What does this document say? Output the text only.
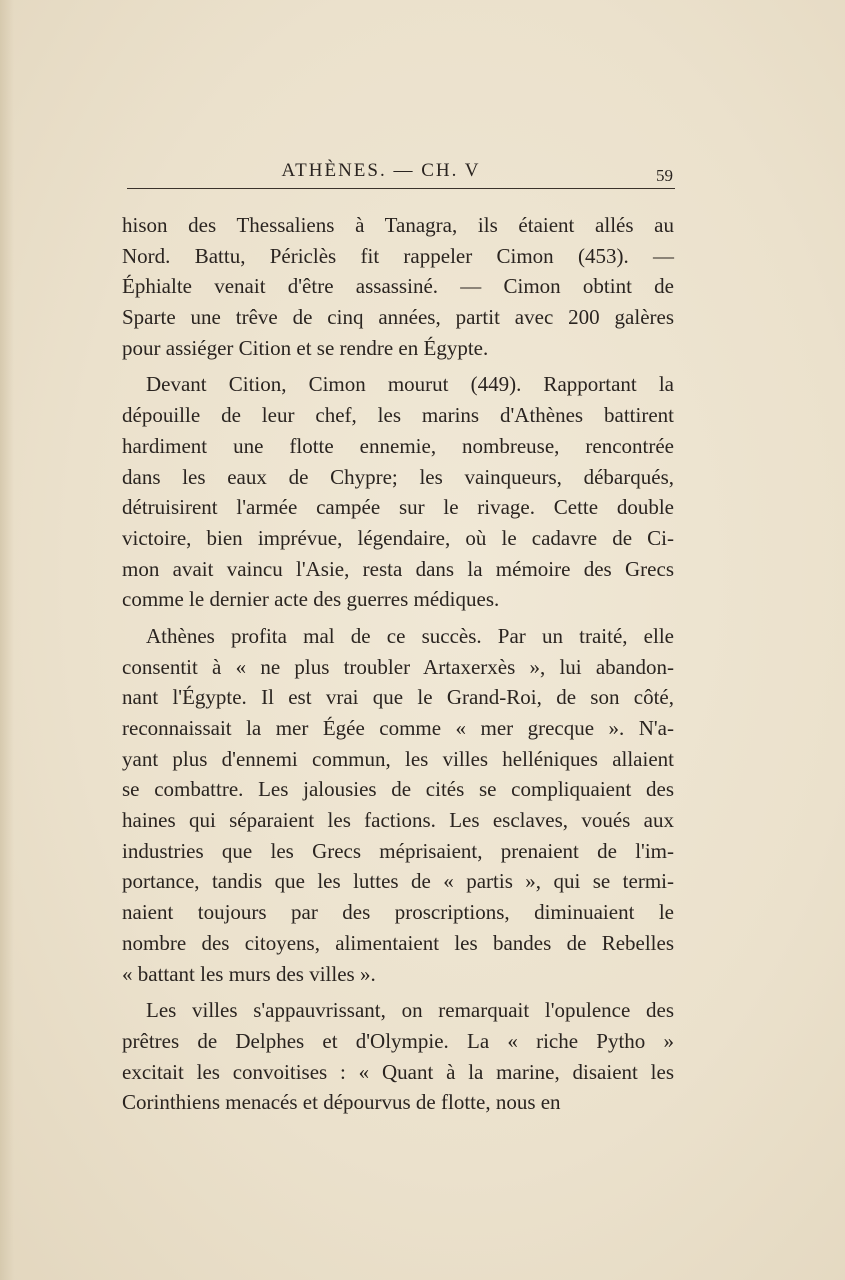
ATHÈNES. — CH. V	59
hison des Thessaliens à Tanagra, ils étaient allés au
Nord. Battu, Périclès fit rappeler Cimon (453). —
Éphialte venait d'être assassiné. — Cimon obtint de
Sparte une trêve de cinq années, partit avec 200 galères
pour assiéger Cition et se rendre en Égypte.
Devant Cition, Cimon mourut (449). Rapportant la
dépouille de leur chef, les marins d'Athènes battirent
hardiment une flotte ennemie, nombreuse, rencontrée
dans les eaux de Chypre; les vainqueurs, débarqués,
détruisirent l'armée campée sur le rivage. Cette double
victoire, bien imprévue, légendaire, où le cadavre de Ci-
mon avait vaincu l'Asie, resta dans la mémoire des Grecs
comme le dernier acte des guerres médiques.
Athènes profita mal de ce succès. Par un traité, elle
consentit à « ne plus troubler Artaxerxès », lui abandon-
nant l'Égypte. Il est vrai que le Grand-Roi, de son côté,
reconnaissait la mer Égée comme « mer grecque ». N'a-
yant plus d'ennemi commun, les villes helléniques allaient
se combattre. Les jalousies de cités se compliquaient des
haines qui séparaient les factions. Les esclaves, voués aux
industries que les Grecs méprisaient, prenaient de l'im-
portance, tandis que les luttes de « partis », qui se termi-
naient toujours par des proscriptions, diminuaient le
nombre des citoyens, alimentaient les bandes de Rebelles
« battant les murs des villes ».
Les villes s'appauvrissant, on remarquait l'opulence des
prêtres de Delphes et d'Olympie. La « riche Pytho »
excitait les convoitises : « Quant à la marine, disaient les
Corinthiens menacés et dépourvus de flotte, nous en
